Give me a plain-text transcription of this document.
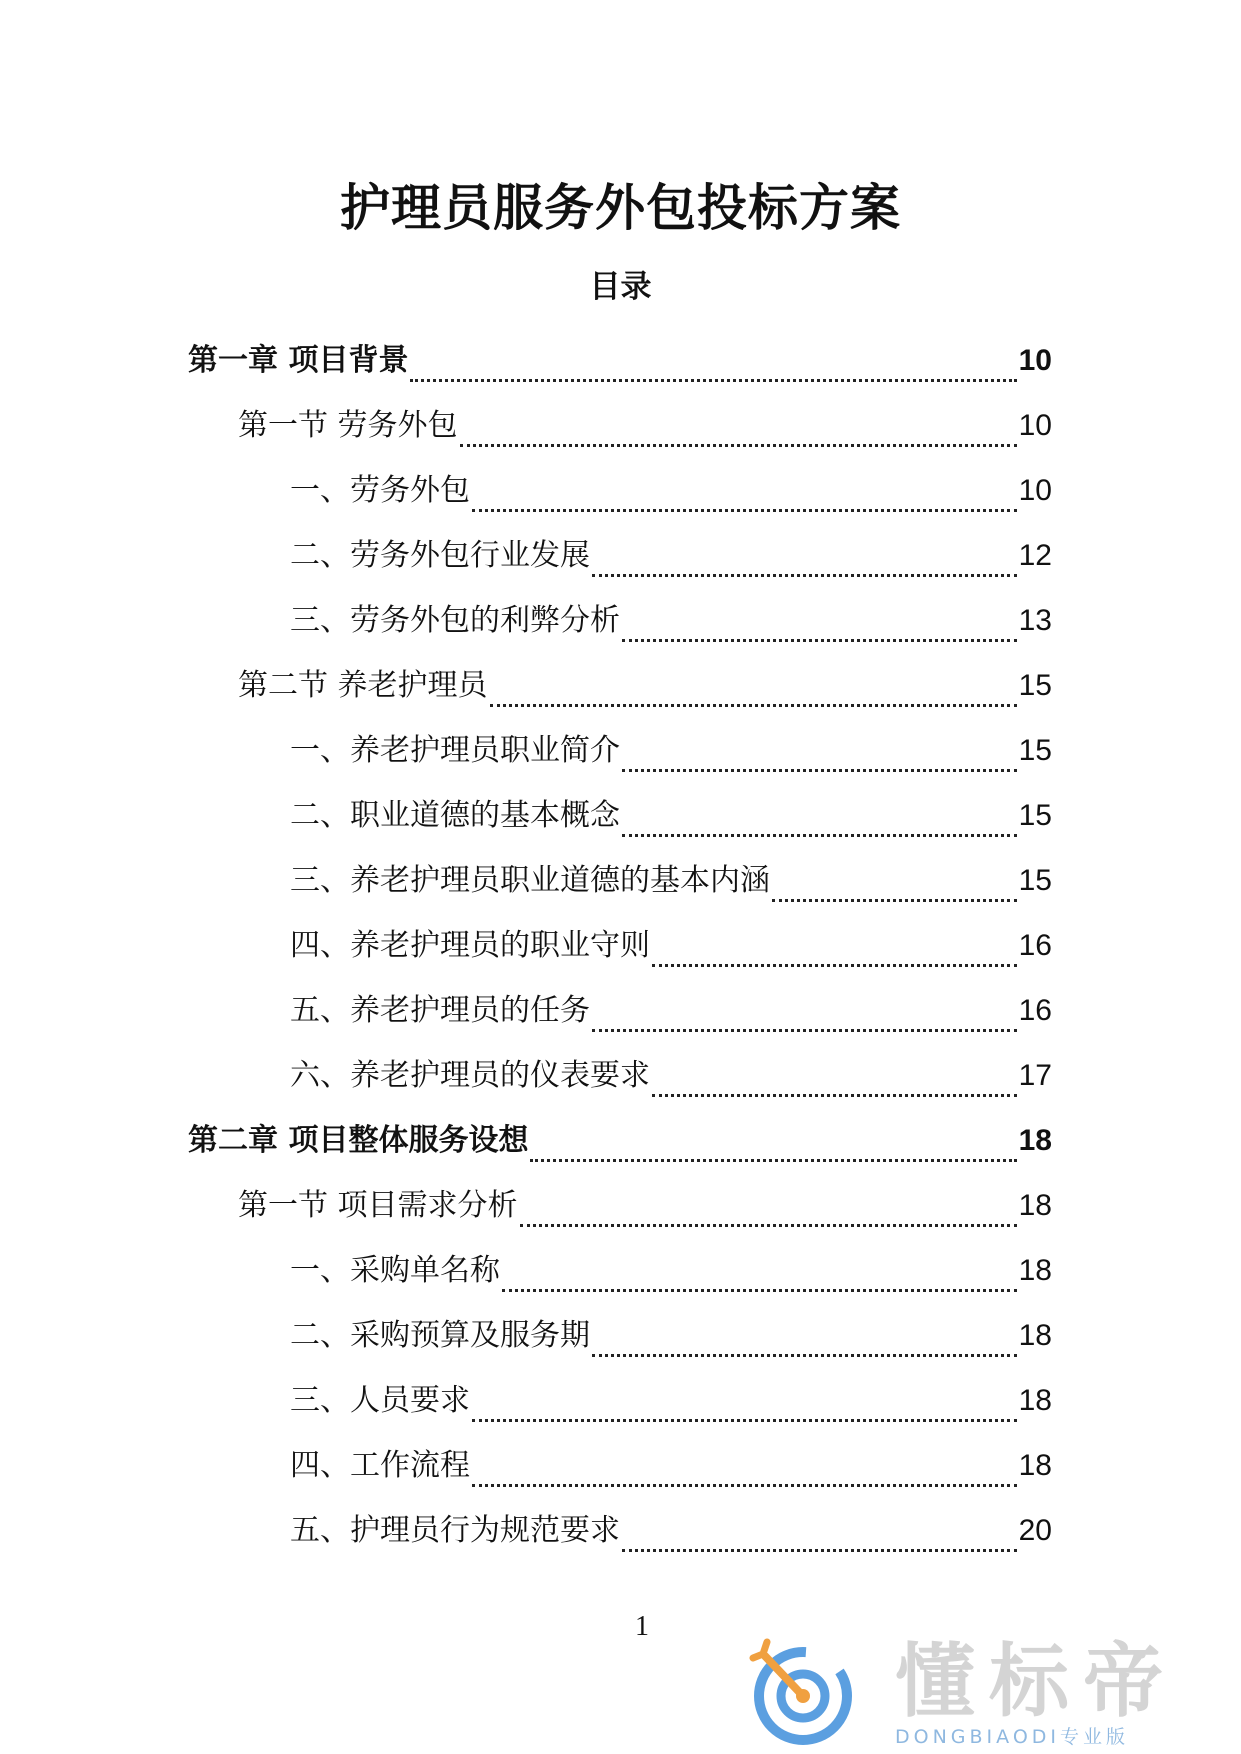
护理员服务外包投标方案
目录
第一章 项目背景	10
第一节 劳务外包	10
一、劳务外包	10
二、劳务外包行业发展	12
三、劳务外包的利弊分析	13
第二节 养老护理员	15
一、养老护理员职业简介	15
二、职业道德的基本概念	15
三、养老护理员职业道德的基本内涵	15
四、养老护理员的职业守则	16
五、养老护理员的任务	16
六、养老护理员的仪表要求	17
第二章 项目整体服务设想	18
第一节 项目需求分析	18
一、采购单名称	18
二、采购预算及服务期	18
三、人员要求	18
四、工作流程	18
五、护理员行为规范要求	20
1
懂标帝
DONGBIAODI专业版
